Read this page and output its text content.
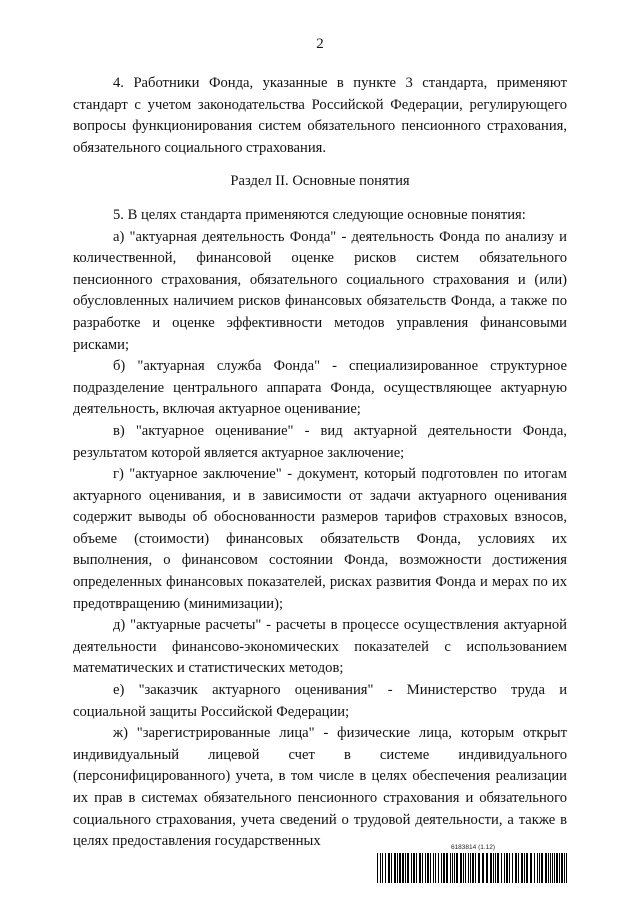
2

4. Работники Фонда, указанные в пункте 3 стандарта, применяют стандарт с учетом законодательства Российской Федерации, регулирующего вопросы функционирования систем обязательного пенсионного страхования, обязательного социального страхования.

Раздел II. Основные понятия

5. В целях стандарта применяются следующие основные понятия:

а) "актуарная деятельность Фонда" - деятельность Фонда по анализу и количественной, финансовой оценке рисков систем обязательного пенсионного страхования, обязательного социального страхования и (или) обусловленных наличием рисков финансовых обязательств Фонда, а также по разработке и оценке эффективности методов управления финансовыми рисками;

б) "актуарная служба Фонда" - специализированное структурное подразделение центрального аппарата Фонда, осуществляющее актуарную деятельность, включая актуарное оценивание;

в) "актуарное оценивание" - вид актуарной деятельности Фонда, результатом которой является актуарное заключение;

г) "актуарное заключение" - документ, который подготовлен по итогам актуарного оценивания, и в зависимости от задачи актуарного оценивания содержит выводы об обоснованности размеров тарифов страховых взносов, объеме (стоимости) финансовых обязательств Фонда, условиях их выполнения, о финансовом состоянии Фонда, возможности достижения определенных финансовых показателей, рисках развития Фонда и мерах по их предотвращению (минимизации);

д) "актуарные расчеты" - расчеты в процессе осуществления актуарной деятельности финансово-экономических показателей с использованием математических и статистических методов;

е) "заказчик актуарного оценивания" - Министерство труда и социальной защиты Российской Федерации;

ж) "зарегистрированные лица" - физические лица, которым открыт индивидуальный лицевой счет в системе индивидуального (персонифицированного) учета, в том числе в целях обеспечения реализации их прав в системах обязательного пенсионного страхования и обязательного социального страхования, учета сведений о трудовой деятельности, а также в целях предоставления государственных	6183814 (1.12)
